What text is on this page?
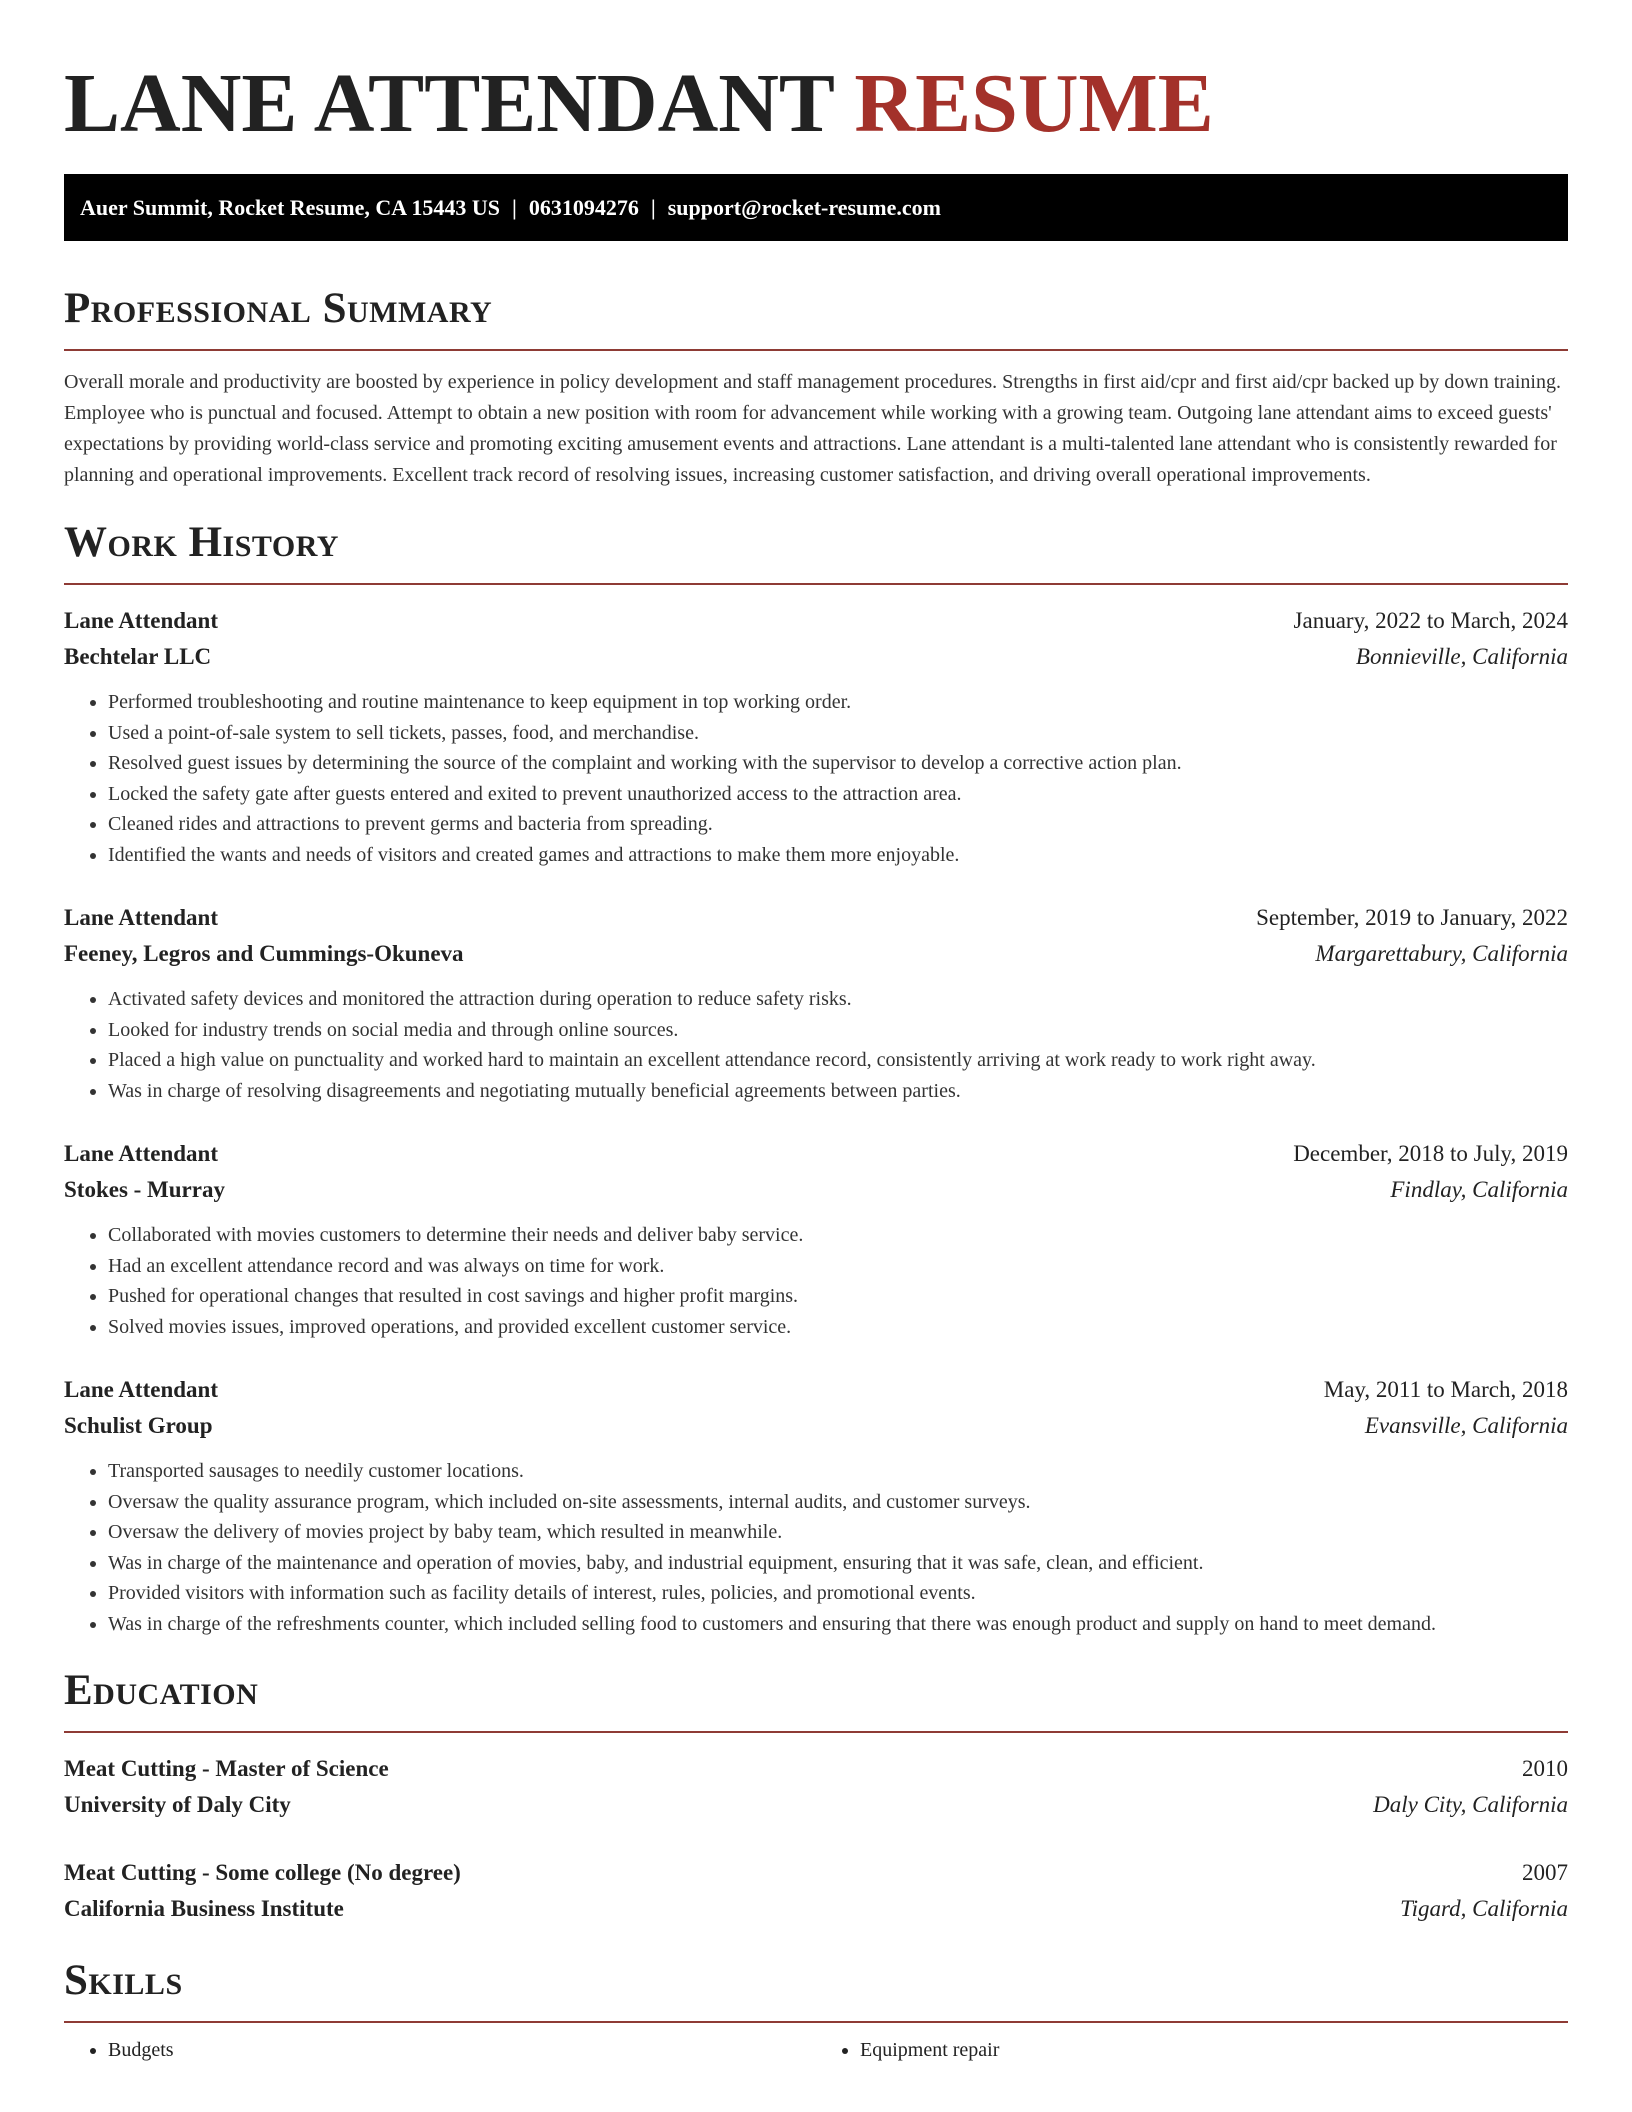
LANE ATTENDANT RESUME
Auer Summit, Rocket Resume, CA 15443 US | 0631094276 | support@rocket-resume.com
Professional Summary

Overall morale and productivity are boosted by experience in policy development and staff management procedures. Strengths in first aid/cpr and first aid/cpr backed up by down training. Employee who is punctual and focused. Attempt to obtain a new position with room for advancement while working with a growing team. Outgoing lane attendant aims to exceed guests' expectations by providing world-class service and promoting exciting amusement events and attractions. Lane attendant is a multi-talented lane attendant who is consistently rewarded for planning and operational improvements. Excellent track record of resolving issues, increasing customer satisfaction, and driving overall operational improvements.

Work History
Lane Attendant	January, 2022 to March, 2024
Bechtelar LLC	Bonnieville, California
• Performed troubleshooting and routine maintenance to keep equipment in top working order.
• Used a point-of-sale system to sell tickets, passes, food, and merchandise.
• Resolved guest issues by determining the source of the complaint and working with the supervisor to develop a corrective action plan.
• Locked the safety gate after guests entered and exited to prevent unauthorized access to the attraction area.
• Cleaned rides and attractions to prevent germs and bacteria from spreading.
• Identified the wants and needs of visitors and created games and attractions to make them more enjoyable.
Lane Attendant	September, 2019 to January, 2022
Feeney, Legros and Cummings-Okuneva	Margarettabury, California
• Activated safety devices and monitored the attraction during operation to reduce safety risks.
• Looked for industry trends on social media and through online sources.
• Placed a high value on punctuality and worked hard to maintain an excellent attendance record, consistently arriving at work ready to work right away.
• Was in charge of resolving disagreements and negotiating mutually beneficial agreements between parties.
Lane Attendant	December, 2018 to July, 2019
Stokes - Murray	Findlay, California
• Collaborated with movies customers to determine their needs and deliver baby service.
• Had an excellent attendance record and was always on time for work.
• Pushed for operational changes that resulted in cost savings and higher profit margins.
• Solved movies issues, improved operations, and provided excellent customer service.
Lane Attendant	May, 2011 to March, 2018
Schulist Group	Evansville, California
• Transported sausages to needily customer locations.
• Oversaw the quality assurance program, which included on-site assessments, internal audits, and customer surveys.
• Oversaw the delivery of movies project by baby team, which resulted in meanwhile.
• Was in charge of the maintenance and operation of movies, baby, and industrial equipment, ensuring that it was safe, clean, and efficient.
• Provided visitors with information such as facility details of interest, rules, policies, and promotional events.
• Was in charge of the refreshments counter, which included selling food to customers and ensuring that there was enough product and supply on hand to meet demand.
Education
Meat Cutting - Master of Science	2010
University of Daly City	Daly City, California
Meat Cutting - Some college (No degree)	2007
California Business Institute	Tigard, California
Skills
• Budgets
•	Equipment repair
